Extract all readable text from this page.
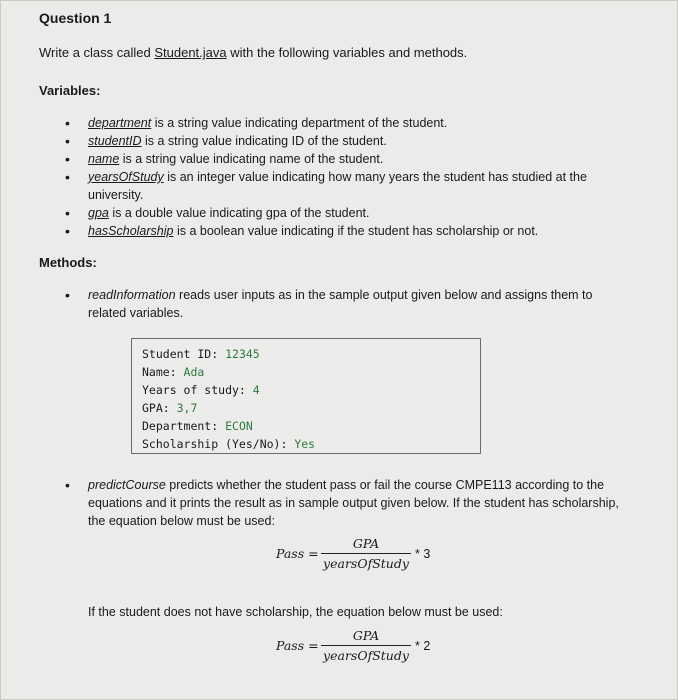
Question 1
Write a class called Student.java with the following variables and methods.
Variables:
• department is a string value indicating department of the student.
• studentID is a string value indicating ID of the student.
• name is a string value indicating name of the student.
• yearsOfStudy is an integer value indicating how many years the student has studied at the university.
• gpa is a double value indicating gpa of the student.
• hasScholarship is a boolean value indicating if the student has scholarship or not.
Methods:
• readInformation reads user inputs as in the sample output given below and assigns them to related variables.
Student ID: 12345
Name: Ada
Years of study: 4
GPA: 3,7
Department: ECON
Scholarship (Yes/No): Yes
• predictCourse predicts whether the student pass or fail the course CMPE113 according to the equations and it prints the result as in sample output given below. If the student has scholarship, the equation below must be used:
Pass =
GPA
yearsOfStudy
* 3
If the student does not have scholarship, the equation below must be used:
Pass =
GPA
yearsOfStudy
* 2
